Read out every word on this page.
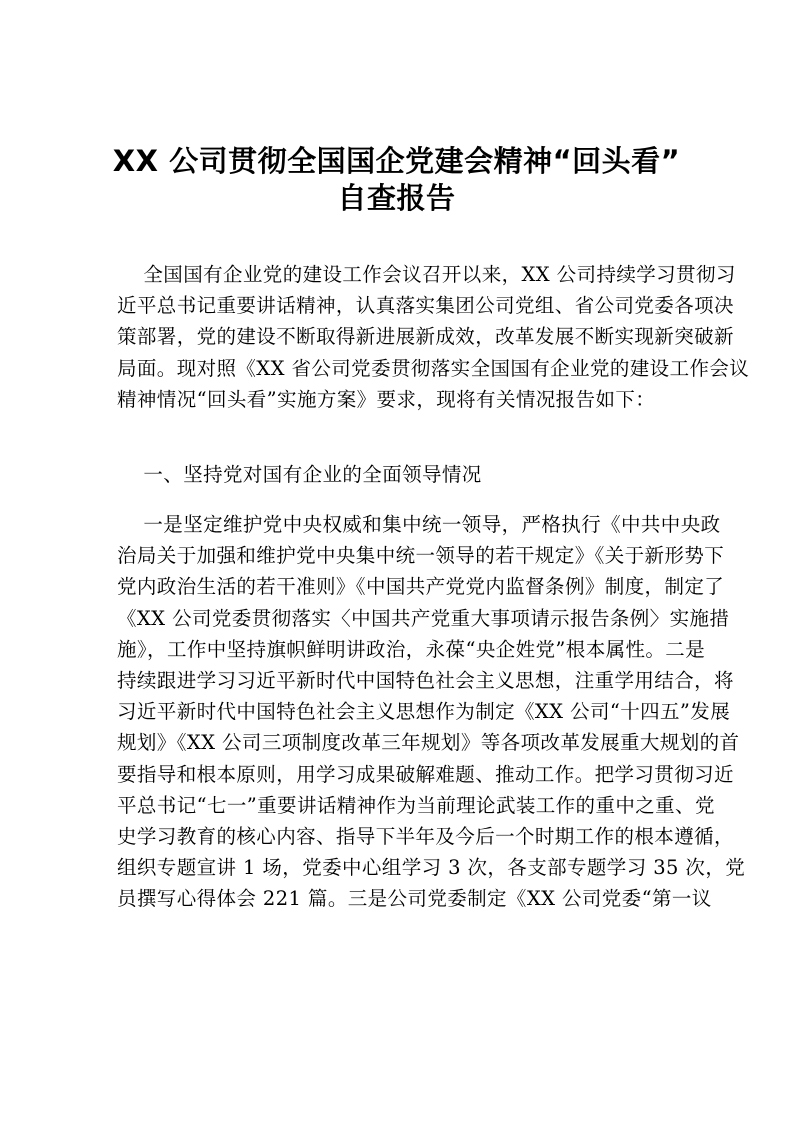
XX 公司贯彻全国国企党建会精神“回头看”
自查报告
全国国有企业党的建设工作会议召开以来，XX 公司持续学习贯彻习
近平总书记重要讲话精神，认真落实集团公司党组、省公司党委各项决
策部署，党的建设不断取得新进展新成效，改革发展不断实现新突破新
局面。现对照《XX 省公司党委贯彻落实全国国有企业党的建设工作会议
精神情况“回头看”实施方案》要求，现将有关情况报告如下：
一、坚持党对国有企业的全面领导情况
一是坚定维护党中央权威和集中统一领导，严格执行《中共中央政
治局关于加强和维护党中央集中统一领导的若干规定》《关于新形势下
党内政治生活的若干准则》《中国共产党党内监督条例》制度，制定了
《XX 公司党委贯彻落实〈中国共产党重大事项请示报告条例〉实施措
施》，工作中坚持旗帜鲜明讲政治，永葆“央企姓党”根本属性。二是
持续跟进学习习近平新时代中国特色社会主义思想，注重学用结合，将
习近平新时代中国特色社会主义思想作为制定《XX 公司“十四五”发展
规划》《XX 公司三项制度改革三年规划》等各项改革发展重大规划的首
要指导和根本原则，用学习成果破解难题、推动工作。把学习贯彻习近
平总书记“七一”重要讲话精神作为当前理论武装工作的重中之重、党
史学习教育的核心内容、指导下半年及今后一个时期工作的根本遵循，
组织专题宣讲 1 场，党委中心组学习 3 次，各支部专题学习 35 次，党
员撰写心得体会 221 篇。三是公司党委制定《XX 公司党委“第一议
